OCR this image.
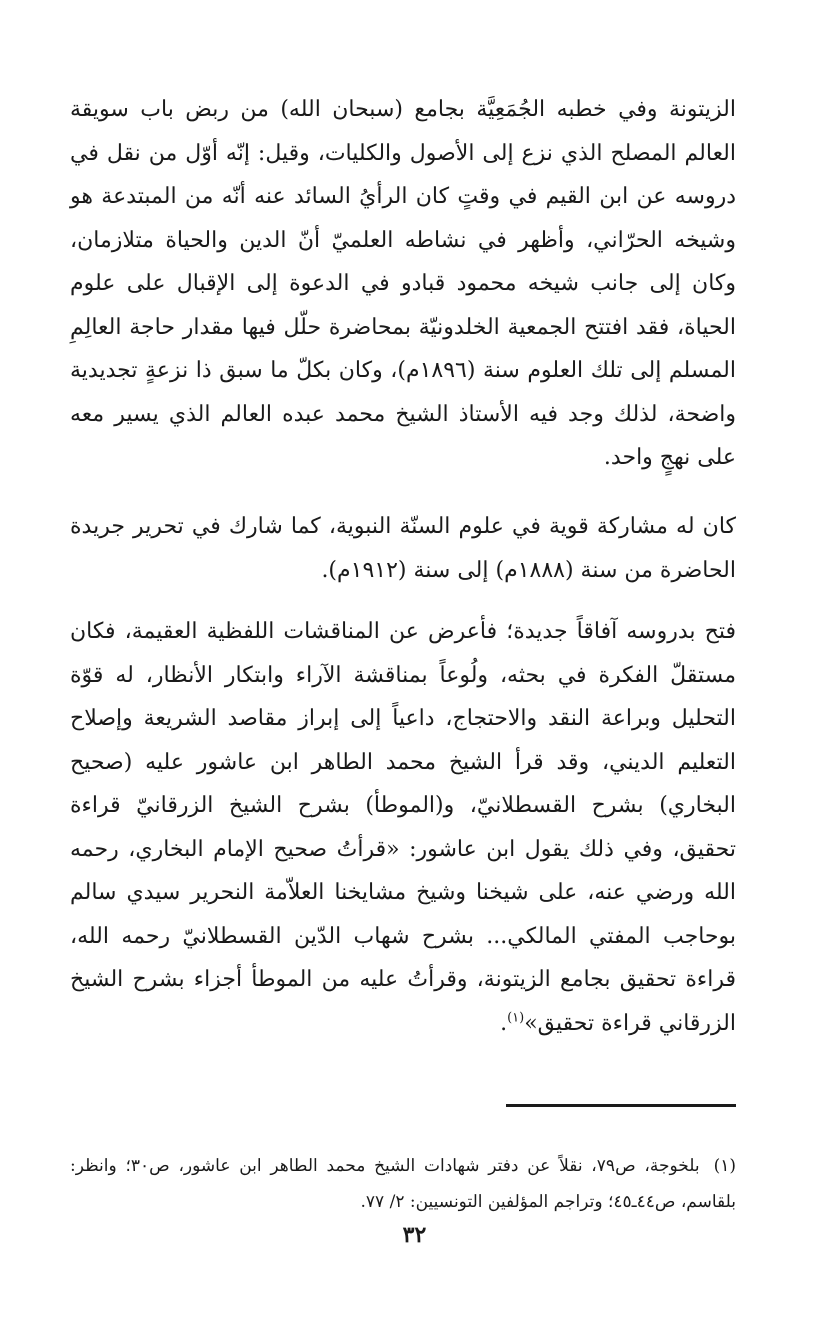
الزيتونة وفي خطبه الجُمَعِيَّة بجامع (سبحان الله) من ربض باب سويقة العالم المصلح الذي نزع إلى الأصول والكليات، وقيل: إنّه أوّل من نقل في دروسه عن ابن القيم في وقتٍ كان الرأيُ السائد عنه أنّه من المبتدعة هو وشيخه الحرّاني، وأظهر في نشاطه العلميّ أنّ الدين والحياة متلازمان، وكان إلى جانب شيخه محمود قبادو في الدعوة إلى الإقبال على علوم الحياة، فقد افتتح الجمعية الخلدونيّة بمحاضرة حلّل فيها مقدار حاجة العالِمِ المسلم إلى تلك العلوم سنة (١٨٩٦م)، وكان بكلّ ما سبق ذا نزعةٍ تجديدية واضحة، لذلك وجد فيه الأستاذ الشيخ محمد عبده العالم الذي يسير معه على نهجٍ واحد.

كان له مشاركة قوية في علوم السنّة النبوية، كما شارك في تحرير جريدة الحاضرة من سنة (١٨٨٨م) إلى سنة (١٩١٢م).

فتح بدروسه آفاقاً جديدة؛ فأعرض عن المناقشات اللفظية العقيمة، فكان مستقلّ الفكرة في بحثه، ولُوعاً بمناقشة الآراء وابتكار الأنظار، له قوّة التحليل وبراعة النقد والاحتجاج، داعياً إلى إبراز مقاصد الشريعة وإصلاح التعليم الديني، وقد قرأ الشيخ محمد الطاهر ابن عاشور عليه (صحيح البخاري) بشرح القسطلانيّ، و(الموطأ) بشرح الشيخ الزرقانيّ قراءة تحقيق، وفي ذلك يقول ابن عاشور: «قرأتُ صحيح الإمام البخاري، رحمه الله ورضي عنه، على شيخنا وشيخ مشايخنا العلاّمة النحرير سيدي سالم بوحاجب المفتي المالكي... بشرح شهاب الدّين القسطلانيّ رحمه الله، قراءة تحقيق بجامع الزيتونة، وقرأتُ عليه من الموطأ أجزاء بشرح الشيخ الزرقاني قراءة تحقيق»$^{(١)}$.

(١)بلخوجة، ص٧٩، نقلاً عن دفتر شهادات الشيخ محمد الطاهر ابن عاشور، ص٣٠؛ وانظر: بلقاسم، ص٤٤ـ٤٥؛ وتراجم المؤلفين التونسيين: ٢/ ٧٧.
٣٢
